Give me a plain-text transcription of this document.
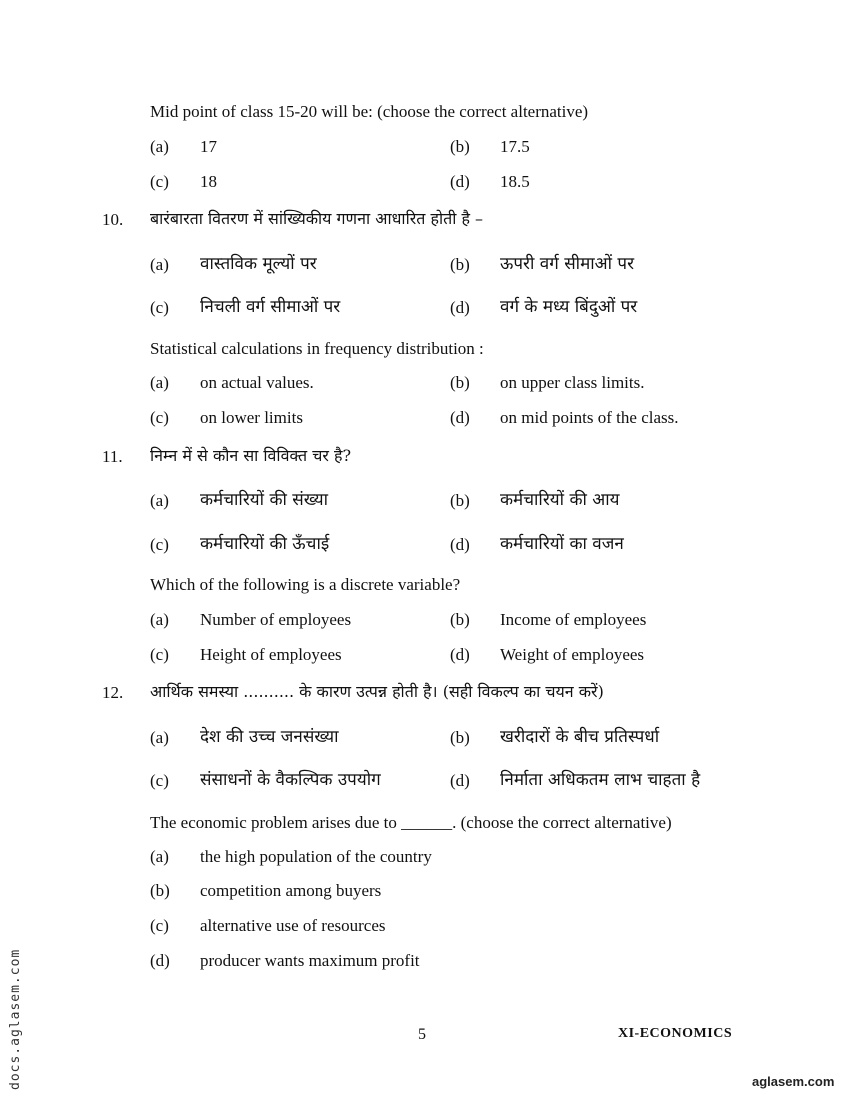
Mid point of class 15-20 will be: (choose the correct alternative)
(a) 17	(b) 17.5
(c) 18	(d) 18.5
10. बारंबारता वितरण में सांख्यिकीय गणना आधारित होती है –
(a) वास्तविक मूल्यों पर	(b) ऊपरी वर्ग सीमाओं पर
(c) निचली वर्ग सीमाओं पर	(d) वर्ग के मध्य बिंदुओं पर
Statistical calculations in frequency distribution :
(a) on actual values.	(b) on upper class limits.
(c) on lower limits	(d) on mid points of the class.
11. निम्न में से कौन सा विविक्त चर है?
(a) कर्मचारियों की संख्या	(b) कर्मचारियों की आय
(c) कर्मचारियों की ऊँचाई	(d) कर्मचारियों का वजन
Which of the following is a discrete variable?
(a) Number of employees	(b) Income of employees
(c) Height of employees	(d) Weight of employees
12. आर्थिक समस्या .......... के कारण उत्पन्न होती है। (सही विकल्प का चयन करें)
(a) देश की उच्च जनसंख्या	(b) खरीदारों के बीच प्रतिस्पर्धा
(c) संसाधनों के वैकल्पिक उपयोग	(d) निर्माता अधिकतम लाभ चाहता है
The economic problem arises due to ______. (choose the correct alternative)
(a) the high population of the country
(b) competition among buyers
(c) alternative use of resources
(d) producer wants maximum profit
5	XI-ECONOMICS
aglasem.com
docs.aglasem.com
